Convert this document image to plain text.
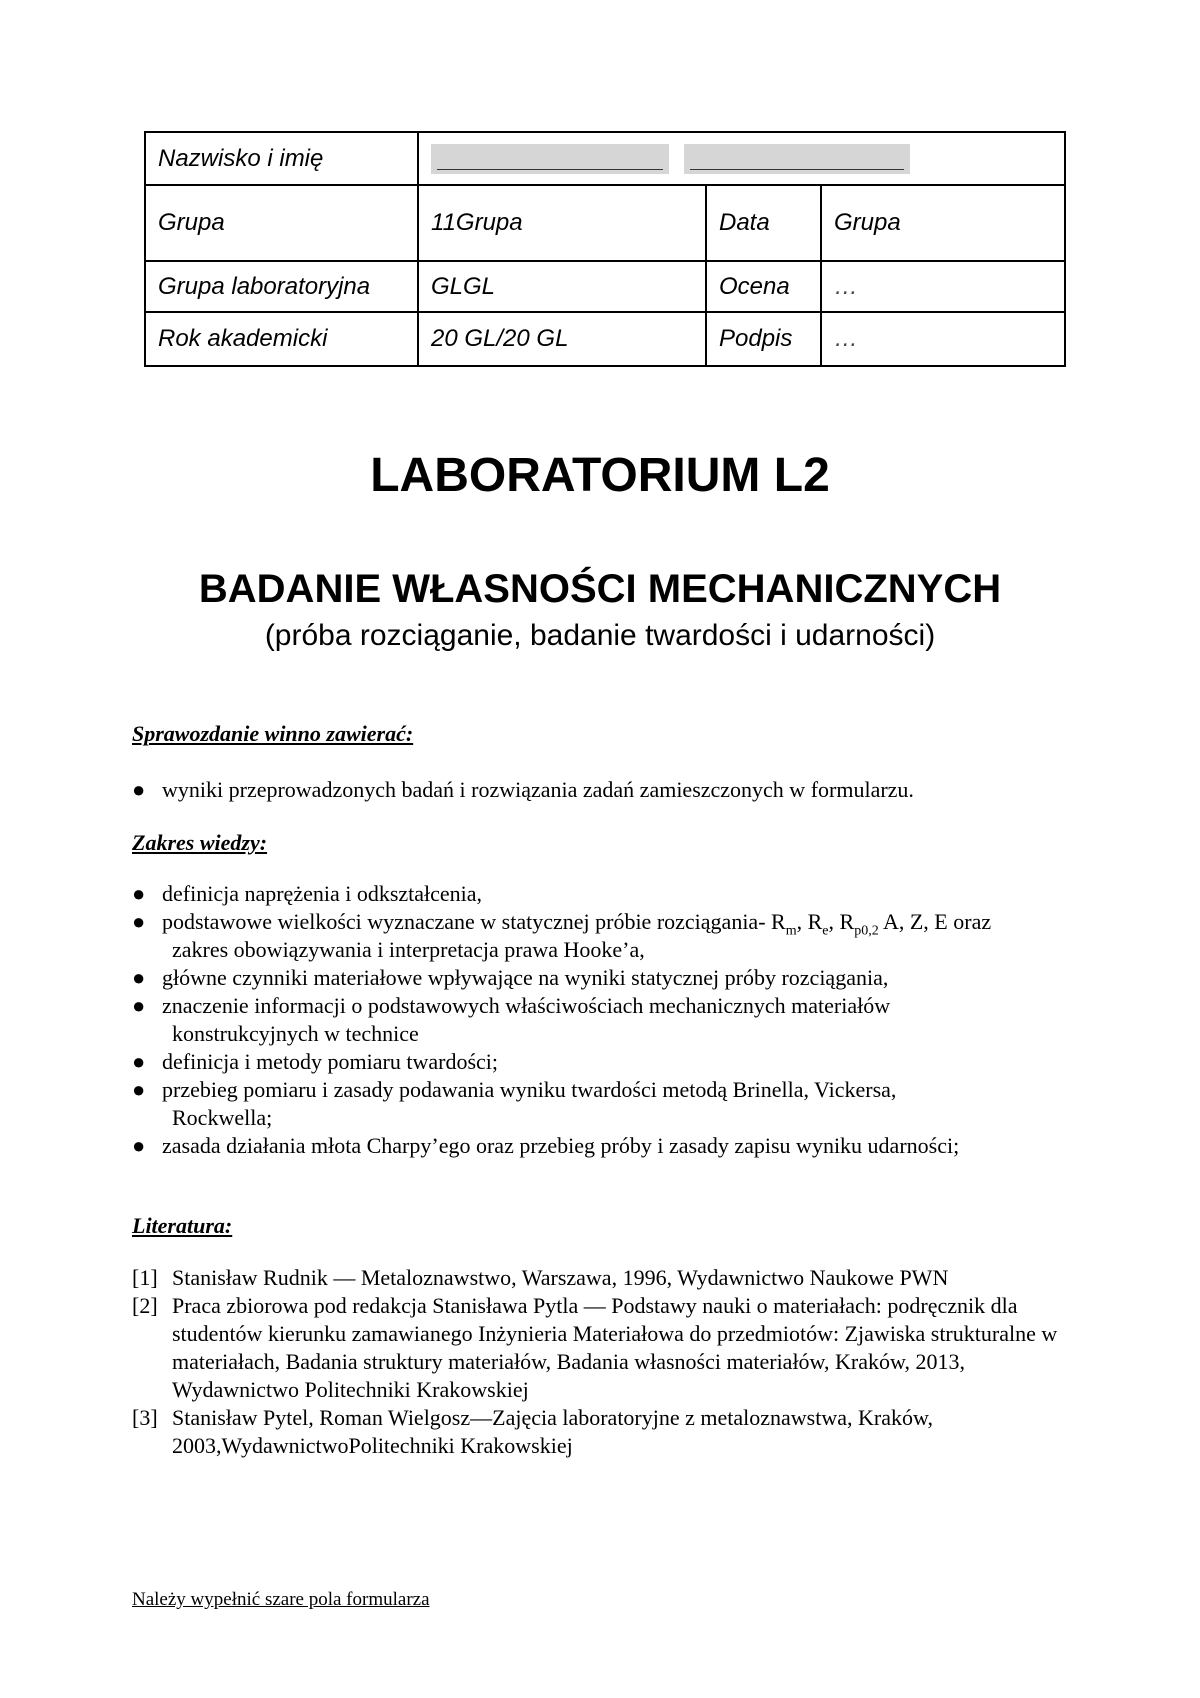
Nazwisko i imię			

Grupa	11Grupa	Data	Grupa
Grupa laboratoryjna	GLGL	Ocena	…
Rok akademicki	20 GL/20 GL	Podpis	…
LABORATORIUM L2
BADANIE WŁASNOŚCI MECHANICZNYCH

(próba rozciąganie, badanie twardości i udarności)

Sprawozdanie winno zawierać:

● wyniki przeprowadzonych badań i rozwiązania zadań zamieszczonych w formularzu.

Zakres wiedzy:

● definicja naprężenia i odkształcenia,
● podstawowe wielkości wyznaczane w statycznej próbie rozciągania- $R_m$, $R_e$, $R_{p0,2}$ A, Z, E oraz
zakres obowiązywania i interpretacja prawa Hooke’a,
● główne czynniki materiałowe wpływające na wyniki statycznej próby rozciągania,
● znaczenie informacji o podstawowych właściwościach mechanicznych materiałów
konstrukcyjnych w technice
● definicja i metody pomiaru twardości;
● przebieg pomiaru i zasady podawania wyniku twardości metodą Brinella, Vickersa,
Rockwella;
● zasada działania młota Charpy’ego oraz przebieg próby i zasady zapisu wyniku udarności;

Literatura:

[1] Stanisław Rudnik — Metaloznawstwo, Warszawa, 1996, Wydawnictwo Naukowe PWN
[2] Praca zbiorowa pod redakcja Stanisława Pytla — Podstawy nauki o materiałach: podręcznik dla studentów kierunku zamawianego Inżynieria Materiałowa do przedmiotów: Zjawiska strukturalne w materiałach, Badania struktury materiałów, Badania własności materiałów, Kraków, 2013, Wydawnictwo Politechniki Krakowskiej
[3] Stanisław Pytel, Roman Wielgosz—Zajęcia laboratoryjne z metaloznawstwa, Kraków, 2003,WydawnictwoPolitechniki Krakowskiej

Należy wypełnić szare pola formularza
